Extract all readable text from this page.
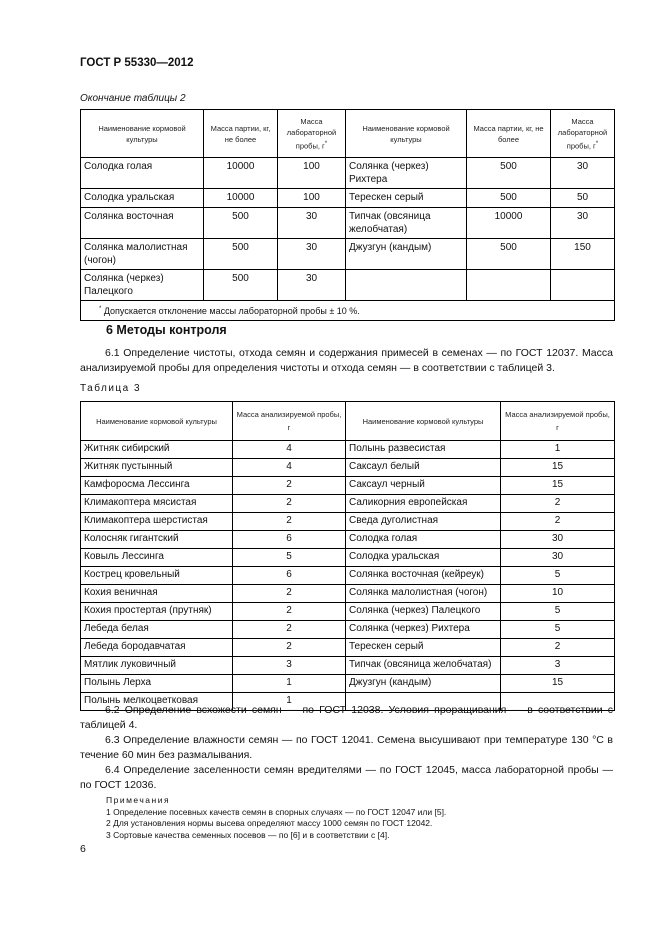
ГОСТ Р 55330—2012
Окончание таблицы 2
Наименование кормовой культуры	Масса партии, кг, не более	Масса лабораторной пробы, г*	Наименование кормовой культуры	Масса партии, кг, не более	Масса лабораторной пробы, г*
Солодка голая	10000	100	Солянка (черкез) Рихтера	500	30
Солодка уральская	10000	100	Терескен серый	500	50
Солянка восточная	500	30	Типчак (овсяница желобчатая)	10000	30
Солянка малолистная (чогон)	500	30	Джузгун (кандым)	500	150
Солянка (черкез) Палецкого	500	30			
* Допускается отклонение массы лабораторной пробы ± 10 %.					
6 Методы контроля
6.1 Определение чистоты, отхода семян и содержания примесей в семенах — по ГОСТ 12037. Масса анализируемой пробы для определения чистоты и отхода семян — в соответствии с таблицей 3.
Таблица 3
Наименование кормовой культуры	Масса анализируемой пробы, г	Наименование кормовой культуры	Масса анализируемой пробы, г
Житняк сибирский	4	Полынь развесистая	1
Житняк пустынный	4	Саксаул белый	15
Камфоросма Лессинга	2	Саксаул черный	15
Климакоптера мясистая	2	Саликорния европейская	2
Климакоптера шерстистая	2	Сведа дуголистная	2
Колосняк гигантский	6	Солодка голая	30
Ковыль Лессинга	5	Солодка уральская	30
Кострец кровельный	6	Солянка восточная (кейреук)	5
Кохия веничная	2	Солянка малолистная (чогон)	10
Кохия простертая (прутняк)	2	Солянка (черкез) Палецкого	5
Лебеда белая	2	Солянка (черкез) Рихтера	5
Лебеда бородавчатая	2	Терескен серый	2
Мятлик луковичный	3	Типчак (овсяница желобчатая)	3
Полынь Лерха	1	Джузгун (кандым)	15
Полынь мелкоцветковая	1		
6.2 Определение всхожести семян — по ГОСТ 12038. Условия проращивания — в соответствии с таблицей 4.
6.3 Определение влажности семян — по ГОСТ 12041. Семена высушивают при температуре 130 °С в течение 60 мин без размалывания.
6.4 Определение заселенности семян вредителями — по ГОСТ 12045, масса лабораторной пробы — по ГОСТ 12036.
Примечания
1 Определение посевных качеств семян в спорных случаях — по ГОСТ 12047 или [5].
2 Для установления нормы высева определяют массу 1000 семян по ГОСТ 12042.
3 Сортовые качества семенных посевов — по [6] и в соответствии с [4].
6
